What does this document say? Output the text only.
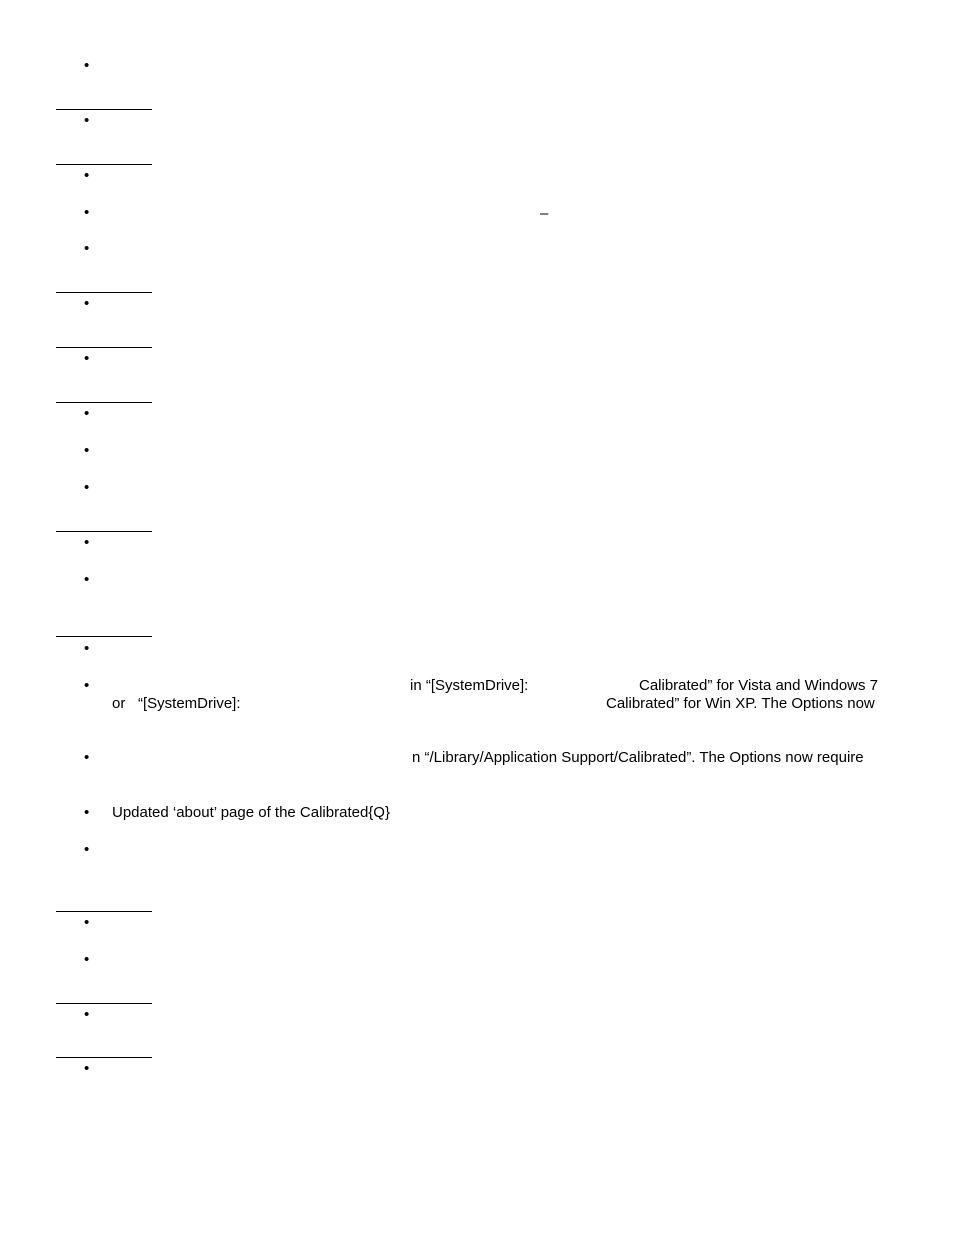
•
•
•
•
•
•
•
•
•
•
•
•
•
•
•
•
•
•
•
•
•
–
in “[SystemDrive]:	Calibrated” for Vista and Windows 7
or “[SystemDrive]:	Calibrated” for Win XP. The Options now
n “/Library/Application Support/Calibrated”. The Options now require
Updated ‘about’ page of the Calibrated{Q}
